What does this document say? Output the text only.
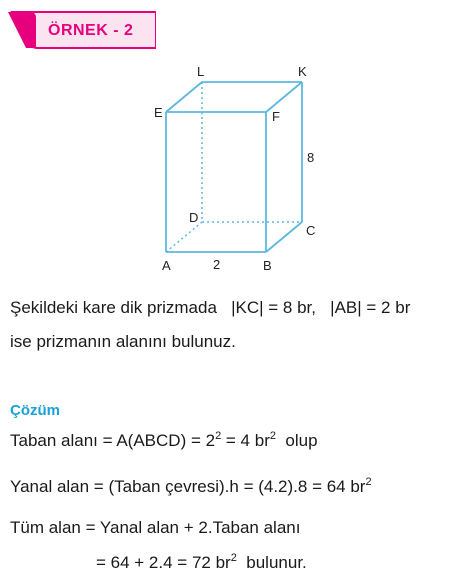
ÖRNEK - 2
L	K
E	F
D
C
A	B
8
2
Şekildeki kare dik prizmada |KC| = 8 br, |AB| = 2 br
ise prizmanın alanını bulunuz.
Çözüm
Taban alanı = A(ABCD) = $2^2 = 4$ $br^2$  olup
Yanal alan = (Taban çevresi).h = (4.2).8 = 64 $br^2$
Tüm alan = Yanal alan + 2.Taban alanı
= 64 + 2.4 = 72 $br^2$  bulunur.
